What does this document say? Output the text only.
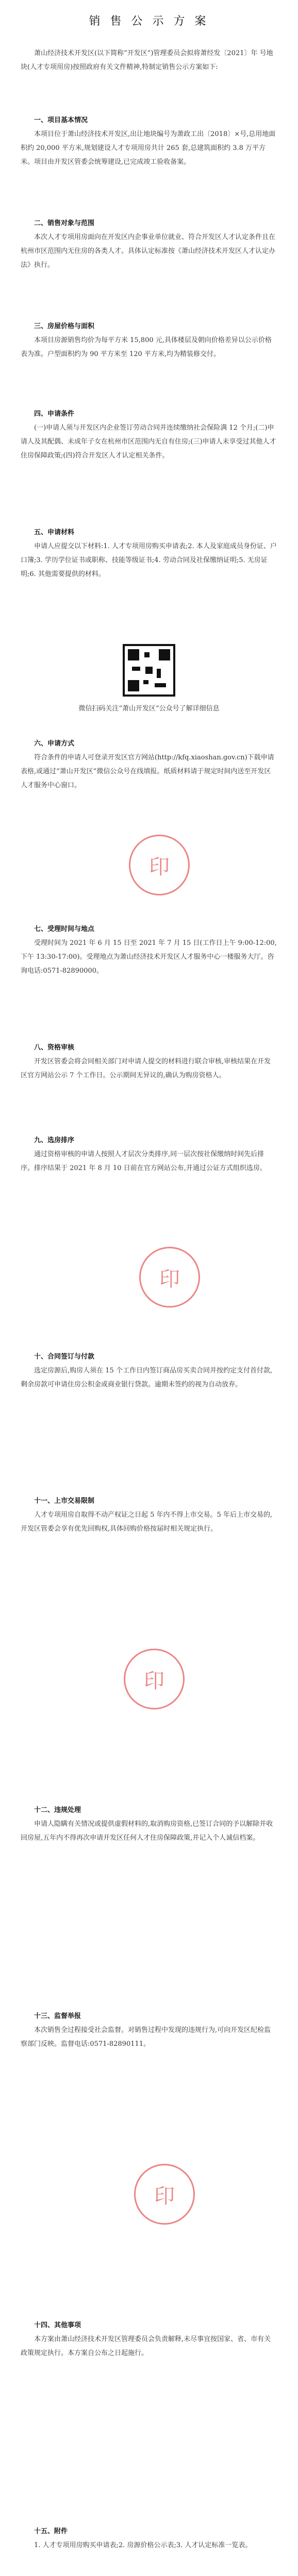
销 售 公 示 方 案

萧山经济技术开发区(以下简称“开发区”)管理委员会拟将萧经发〔2021〕年 号地块(人才专项用房)按照政府有关文件精神,特制定销售公示方案如下:

一、项目基本情况

本项目位于萧山经济技术开发区,出让地块编号为萧政工出〔2018〕×号,总用地面积约 20,000 平方米,规划建设人才专项用房共计 265 套,总建筑面积约 3.8 万平方米。项目由开发区管委会统筹建设,已完成竣工验收备案。

二、销售对象与范围

本次人才专项用房面向在开发区内企事业单位就业、符合开发区人才认定条件且在杭州市区范围内无住房的各类人才。具体认定标准按《萧山经济技术开发区人才认定办法》执行。

三、房屋价格与面积

本项目房源销售均价为每平方米 15,800 元,具体楼层及朝向价格差异以公示价格表为准。户型面积约为 90 平方米至 120 平方米,均为精装修交付。

四、申请条件

(一)申请人须与开发区内企业签订劳动合同并连续缴纳社会保险满 12 个月;(二)申请人及其配偶、未成年子女在杭州市区范围内无自有住房;(三)申请人未享受过其他人才住房保障政策;(四)符合开发区人才认定相关条件。

五、申请材料

申请人应提交以下材料:1. 人才专项用房购买申请表;2. 本人及家庭成员身份证、户口簿;3. 学历学位证书或职称、技能等级证书;4. 劳动合同及社保缴纳证明;5. 无房证明;6. 其他需要提供的材料。

微信扫码关注“萧山开发区”公众号了解详细信息

六、申请方式

符合条件的申请人可登录开发区官方网站(http://kfq.xiaoshan.gov.cn)下载申请表格,或通过“萧山开发区”微信公众号在线填报。纸质材料请于规定时间内送至开发区人才服务中心窗口。

印

七、受理时间与地点

受理时间为 2021 年 6 月 15 日至 2021 年 7 月 15 日(工作日上午 9:00-12:00,下午 13:30-17:00)。受理地点为萧山经济技术开发区人才服务中心一楼服务大厅。咨询电话:0571-82890000。

八、资格审核

开发区管委会将会同相关部门对申请人提交的材料进行联合审核,审核结果在开发区官方网站公示 7 个工作日。公示期间无异议的,确认为购房资格人。

九、选房排序

通过资格审核的申请人按照人才层次分类排序,同一层次按社保缴纳时间先后排序。排序结果于 2021 年 8 月 10 日前在官方网站公布,并通过公证方式组织选房。

印

十、合同签订与付款

选定房源后,购房人须在 15 个工作日内签订商品房买卖合同并按约定支付首付款,剩余房款可申请住房公积金或商业银行贷款。逾期未签约的视为自动放弃。

十一、上市交易限制

人才专项用房自取得不动产权证之日起 5 年内不得上市交易。5 年后上市交易的,开发区管委会享有优先回购权,具体回购价格按届时相关规定执行。

印

十二、违规处理

申请人隐瞒有关情况或提供虚假材料的,取消购房资格,已签订合同的予以解除并收回房屋,五年内不得再次申请开发区任何人才住房保障政策,并记入个人诚信档案。

十三、监督举报

本次销售全过程接受社会监督。对销售过程中发现的违规行为,可向开发区纪检监察部门反映。监督电话:0571-82890111。

印

十四、其他事项

本方案由萧山经济技术开发区管理委员会负责解释,未尽事宜按国家、省、市有关政策规定执行。本方案自公布之日起施行。

十五、附件

1. 人才专项用房购买申请表;2. 房源价格公示表;3. 人才认定标准一览表。
